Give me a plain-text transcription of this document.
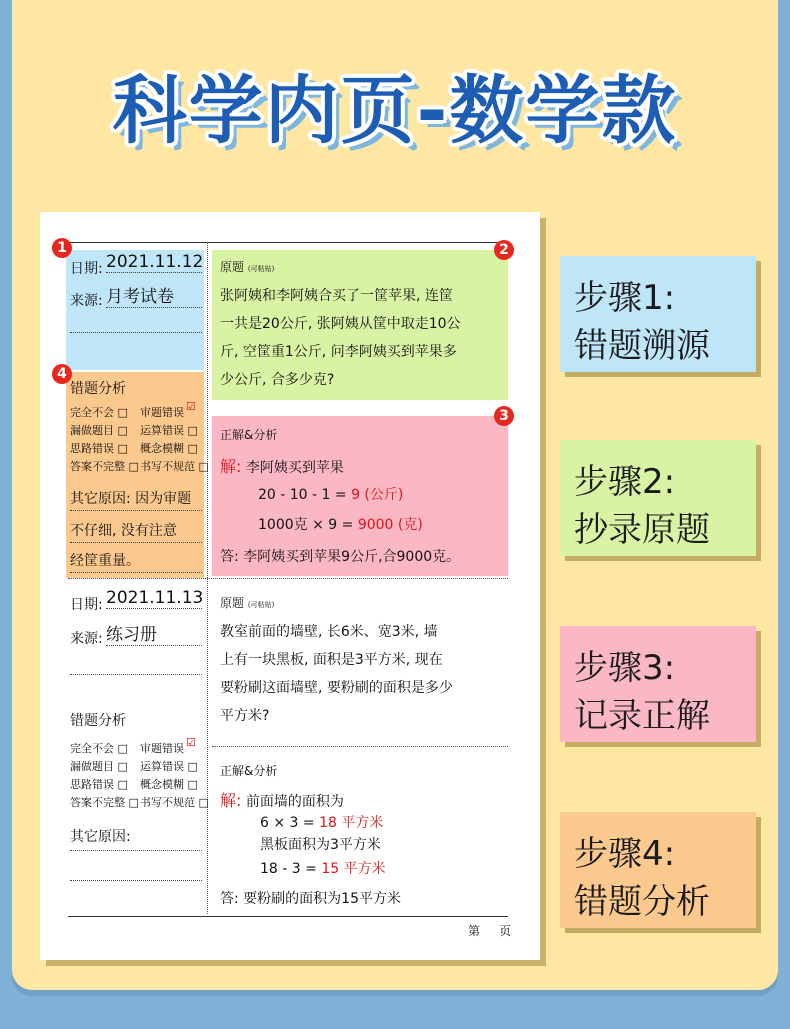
科学内页-数学款
日期: 2021.11.12
来源: 月考试卷
错题分析
完全不会 □ 审题错误 ☑
漏做题目 □ 运算错误 □
思路错误 □ 概念模糊 □
答案不完整 □ 书写不规范 □
其它原因: 因为审题
不仔细, 没有注意
经筐重量。
原题 (可粘贴)
张阿姨和李阿姨合买了一筐苹果, 连筐
一共是20公斤, 张阿姨从筐中取走10公
斤, 空筐重1公斤, 问李阿姨买到苹果多
少公斤, 合多少克?
正解&分析
解: 李阿姨买到苹果
20 - 10 - 1 = 9 (公斤)
1000克 × 9 = 9000 (克)
答: 李阿姨买到苹果9公斤,合9000克。
日期: 2021.11.13
来源: 练习册
错题分析
完全不会 □ 审题错误 ☑
漏做题目 □ 运算错误 □
思路错误 □ 概念模糊 □
答案不完整 □ 书写不规范 □
其它原因:
原题 (可粘贴)
教室前面的墙壁, 长6米、宽3米, 墙
上有一块黑板, 面积是3平方米, 现在
要粉刷这面墙壁, 要粉刷的面积是多少
平方米?
正解&分析
解: 前面墙的面积为
6 × 3 = 18 平方米
黑板面积为3平方米
18 - 3 = 15 平方米
答: 要粉刷的面积为15平方米
第 页
1	2
3
4
步骤1:
错题溯源
步骤2:
抄录原题
步骤3:
记录正解
步骤4:
错题分析
